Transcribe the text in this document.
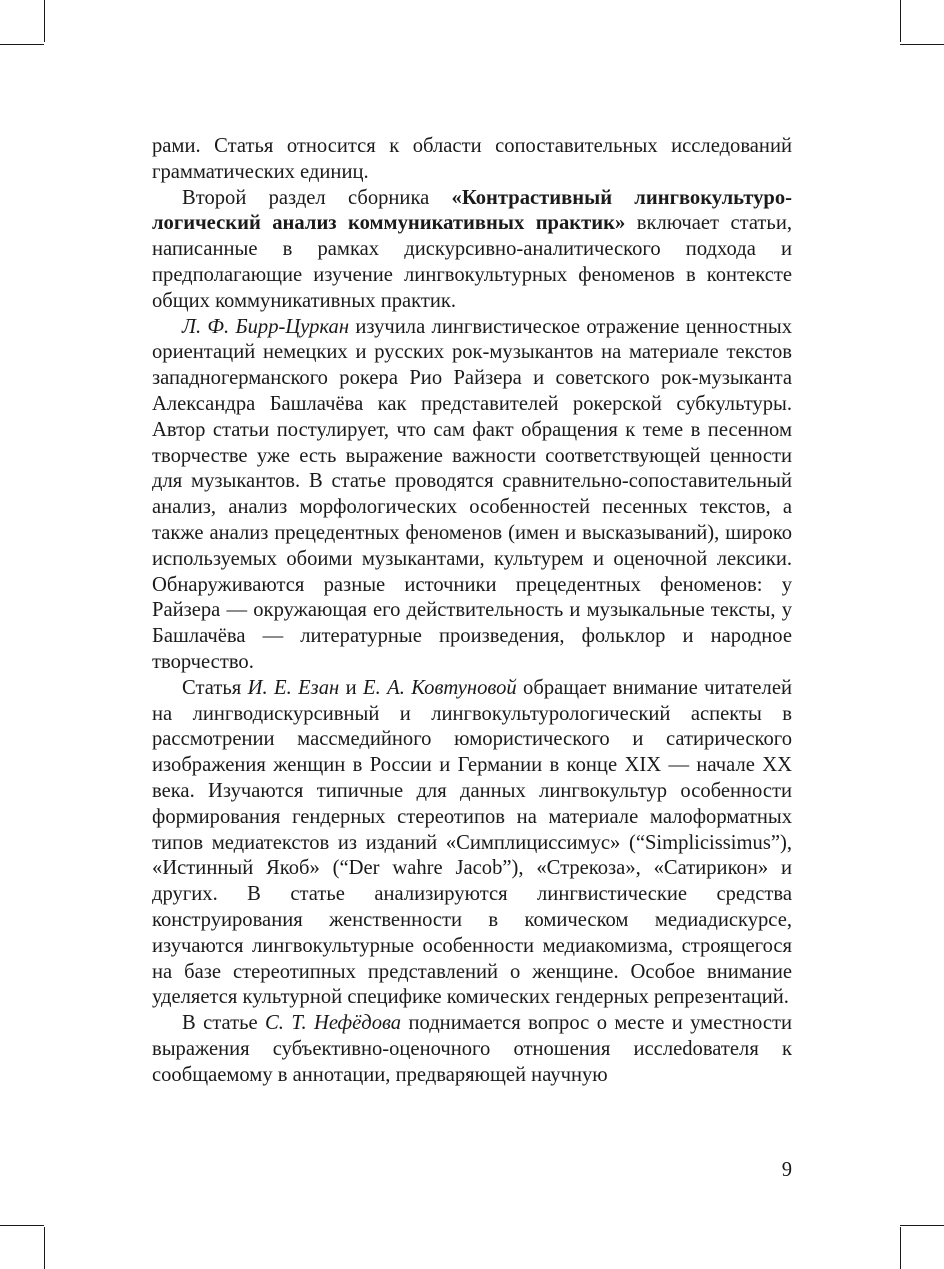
рами. Статья относится к области сопоставительных исследований грамматических единиц.

Второй раздел сборника «Контрастивный лингвокультурологический анализ коммуникативных практик» включает статьи, написанные в рамках дискурсивно-аналитического подхода и предполагающие изучение лингвокультурных феноменов в контексте общих коммуникативных практик.

Л. Ф. Бирр-Цуркан изучила лингвистическое отражение ценностных ориентаций немецких и русских рок-музыкантов на материале текстов западногерманского рокера Рио Райзера и советского рок-музыканта Александра Башлачёва как представителей рокерской субкультуры. Автор статьи постулирует, что сам факт обращения к теме в песенном творчестве уже есть выражение важности соответствующей ценности для музыкантов. В статье проводятся сравнительно-сопоставительный анализ, анализ морфологических особенностей песенных текстов, а также анализ прецедентных феноменов (имен и высказываний), широко используемых обоими музыкантами, культурем и оценочной лексики. Обнаруживаются разные источники прецедентных феноменов: у Райзера — окружающая его действительность и музыкальные тексты, у Башлачёва — литературные произведения, фольклор и народное творчество.

Статья И. Е. Езан и Е. А. Ковтуновой обращает внимание читателей на лингводискурсивный и лингвокультурологический аспекты в рассмотрении массмедийного юмористического и сатирического изображения женщин в России и Германии в конце XIX — начале XX века. Изучаются типичные для данных лингвокультур особенности формирования гендерных стереотипов на материале малоформатных типов медиатекстов из изданий «Симплициссимус» (“Simplicissimus”), «Истинный Якоб» (“Der wahre Jacob”), «Стрекоза», «Сатирикон» и других. В статье анализируются лингвистические средства конструирования женственности в комическом медиадискурсе, изучаются лингвокультурные особенности медиакомизма, строящегося на базе стереотипных представлений о женщине. Особое внимание уделяется культурной специфике комических гендерных репрезентаций.

В статье С. Т. Нефёдова поднимается вопрос о месте и уместности выражения субъективно-оценочного отношения исслеdователя к сообщаемому в аннотации, предваряющей научную

9
